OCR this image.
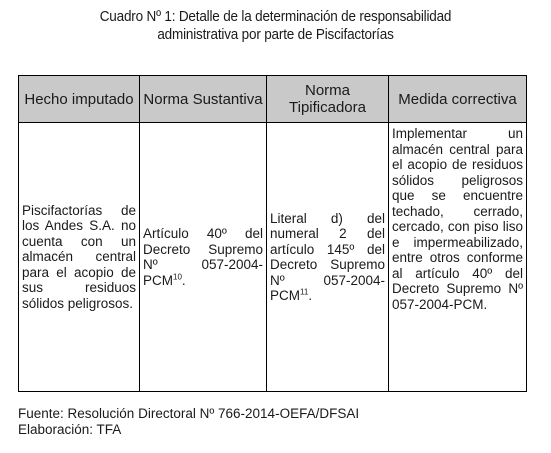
Cuadro Nº 1: Detalle de la determinación de responsabilidad
administrativa por parte de Piscifactorías
Hecho imputado	Norma Sustantiva	Norma Tipificadora	Medida correctiva
Piscifactorías de los Andes S.A. no cuenta con un almacén central para el acopio de sus residuos sólidos peligrosos.	Artículo 40º del Decreto Supremo Nº 057-2004-PCM$^{10}$.	Literal d) del numeral 2 del artículo 145º del Decreto Supremo Nº 057-2004-PCM$^{11}$.	Implementar un almacén central para el acopio de residuos sólidos peligrosos que se encuentre techado, cerrado, cercado, con piso liso e impermeabilizado, entre otros conforme al artículo 40º del Decreto Supremo Nº 057-2004-PCM.
Fuente: Resolución Directoral Nº 766-2014-OEFA/DFSAI
Elaboración: TFA
